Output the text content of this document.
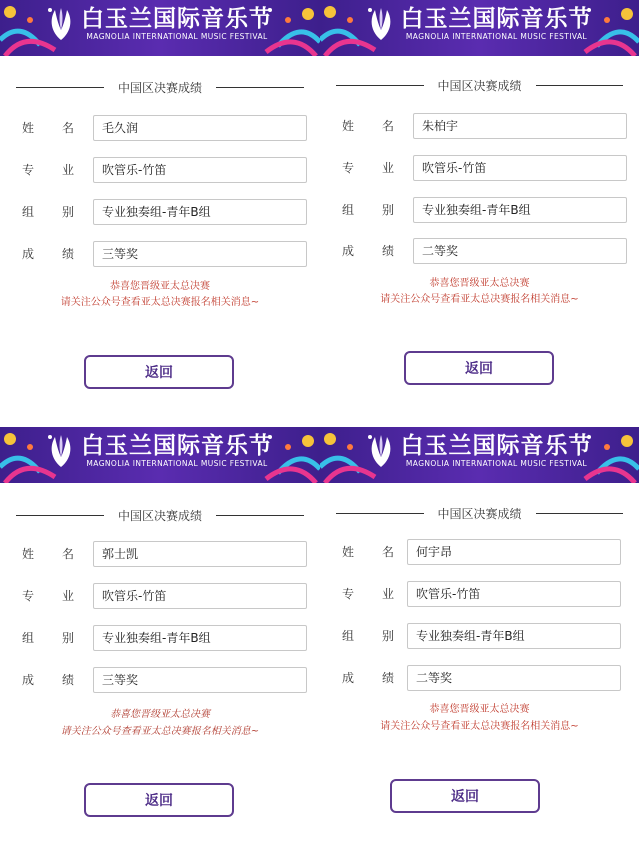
白玉兰国际音乐节
MAGNOLIA INTERNATIONAL MUSIC FESTIVAL
中国区决赛成绩
姓 名	毛久润
专 业	吹管乐-竹笛
组 别	专业独奏组-青年B组
成 绩	三等奖
恭喜您晋级亚太总决赛
请关注公众号查看亚太总决赛报名相关消息~
返回
白玉兰国际音乐节
MAGNOLIA INTERNATIONAL MUSIC FESTIVAL
中国区决赛成绩
姓 名	朱柏宇
专 业	吹管乐-竹笛
组 别	专业独奏组-青年B组
成 绩	二等奖
恭喜您晋级亚太总决赛
请关注公众号查看亚太总决赛报名相关消息~
返回
白玉兰国际音乐节
MAGNOLIA INTERNATIONAL MUSIC FESTIVAL
中国区决赛成绩
姓 名	郭士凯
专 业	吹管乐-竹笛
组 别	专业独奏组-青年B组
成 绩	三等奖
恭喜您晋级亚太总决赛
请关注公众号查看亚太总决赛报名相关消息~
返回
白玉兰国际音乐节
MAGNOLIA INTERNATIONAL MUSIC FESTIVAL
中国区决赛成绩
姓 名	何宇昂
专 业	吹管乐-竹笛
组 别	专业独奏组-青年B组
成 绩	二等奖
恭喜您晋级亚太总决赛
请关注公众号查看亚太总决赛报名相关消息~
返回
